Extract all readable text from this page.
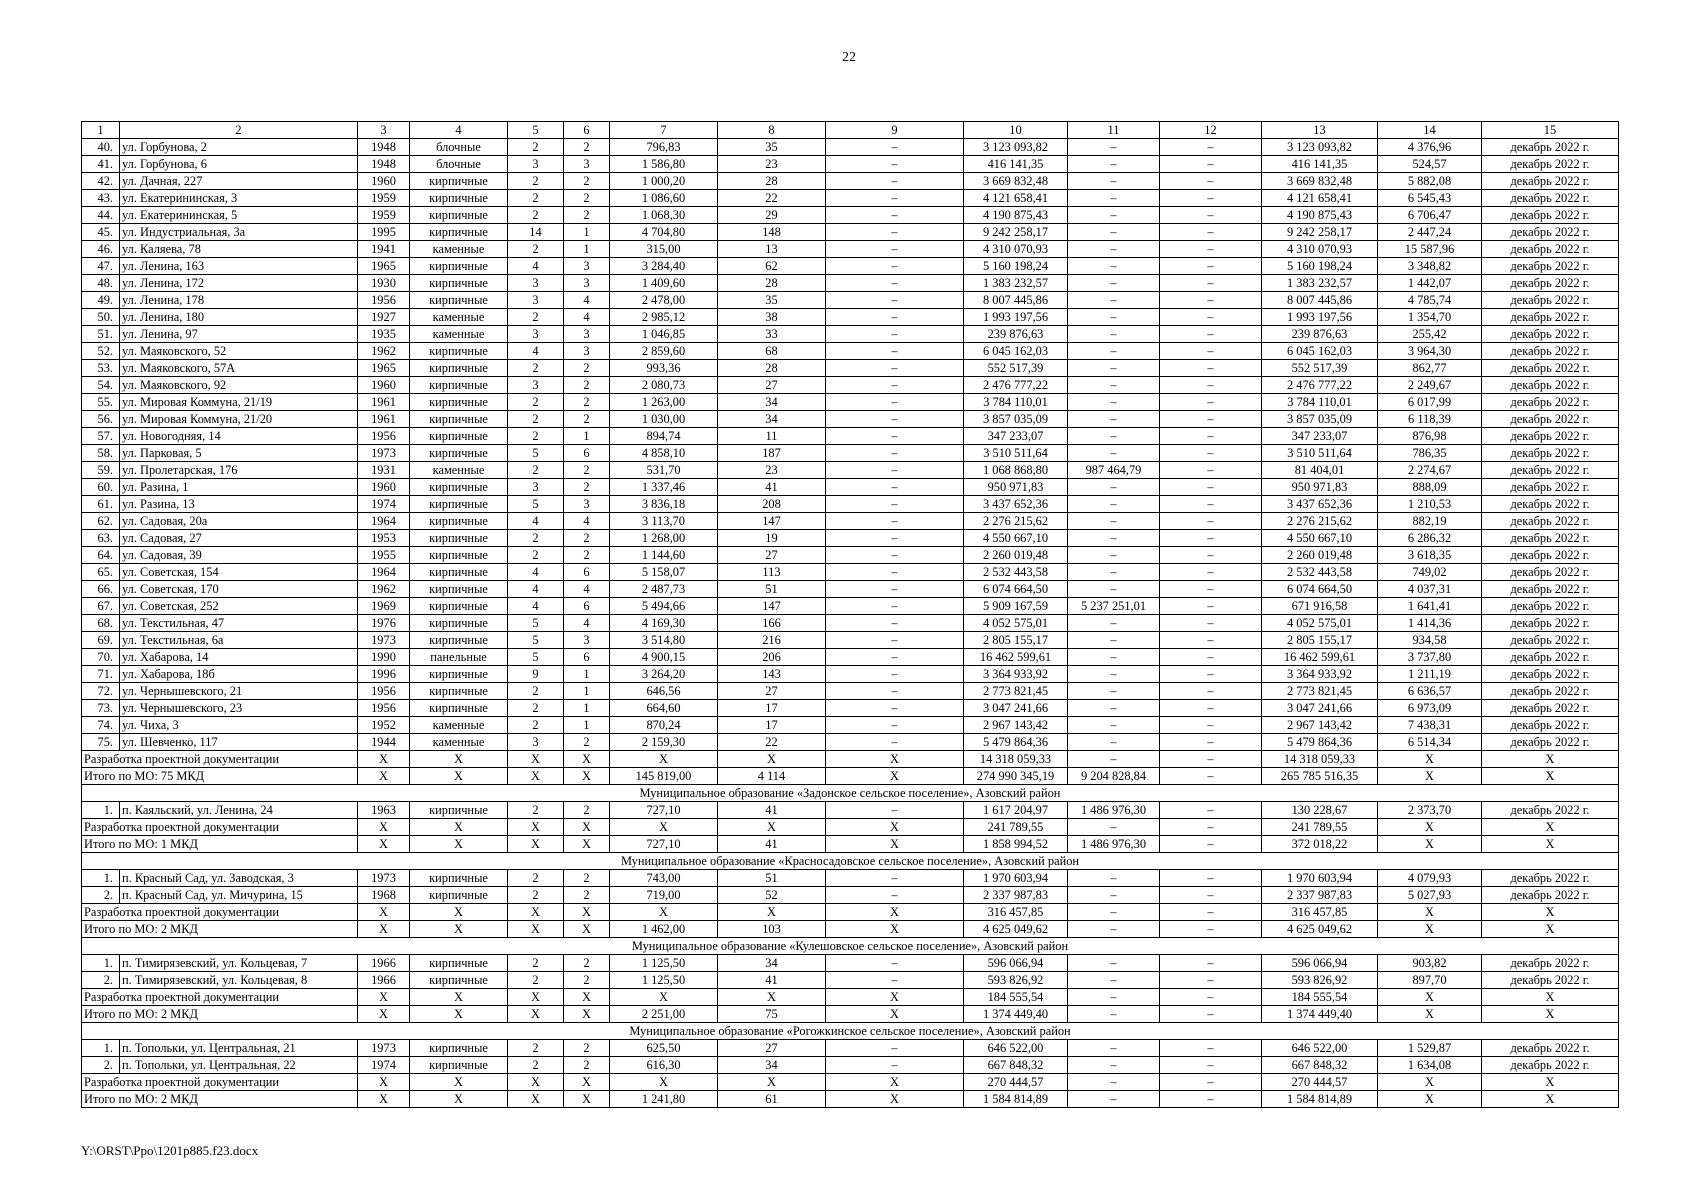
22
1	2	3	4	5	6	7	8	9	10	11	12	13	14	15
40.	ул. Горбунова, 2	1948	блочные	2	2	796,83	35	–	3 123 093,82	–	–	3 123 093,82	4 376,96	декабрь 2022 г.
41.	ул. Горбунова, 6	1948	блочные	3	3	1 586,80	23	–	416 141,35	–	–	416 141,35	524,57	декабрь 2022 г.
42.	ул. Дачная, 227	1960	кирпичные	2	2	1 000,20	28	–	3 669 832,48	–	–	3 669 832,48	5 882,08	декабрь 2022 г.
43.	ул. Екатерининская, 3	1959	кирпичные	2	2	1 086,60	22	–	4 121 658,41	–	–	4 121 658,41	6 545,43	декабрь 2022 г.
44.	ул. Екатерининская, 5	1959	кирпичные	2	2	1 068,30	29	–	4 190 875,43	–	–	4 190 875,43	6 706,47	декабрь 2022 г.
45.	ул. Индустриальная, 3а	1995	кирпичные	14	1	4 704,80	148	–	9 242 258,17	–	–	9 242 258,17	2 447,24	декабрь 2022 г.
46.	ул. Каляева, 78	1941	каменные	2	1	315,00	13	–	4 310 070,93	–	–	4 310 070,93	15 587,96	декабрь 2022 г.
47.	ул. Ленина, 163	1965	кирпичные	4	3	3 284,40	62	–	5 160 198,24	–	–	5 160 198,24	3 348,82	декабрь 2022 г.
48.	ул. Ленина, 172	1930	кирпичные	3	3	1 409,60	28	–	1 383 232,57	–	–	1 383 232,57	1 442,07	декабрь 2022 г.
49.	ул. Ленина, 178	1956	кирпичные	3	4	2 478,00	35	–	8 007 445,86	–	–	8 007 445,86	4 785,74	декабрь 2022 г.
50.	ул. Ленина, 180	1927	каменные	2	4	2 985,12	38	–	1 993 197,56	–	–	1 993 197,56	1 354,70	декабрь 2022 г.
51.	ул. Ленина, 97	1935	каменные	3	3	1 046,85	33	–	239 876,63	–	–	239 876,63	255,42	декабрь 2022 г.
52.	ул. Маяковского, 52	1962	кирпичные	4	3	2 859,60	68	–	6 045 162,03	–	–	6 045 162,03	3 964,30	декабрь 2022 г.
53.	ул. Маяковского, 57А	1965	кирпичные	2	2	993,36	28	–	552 517,39	–	–	552 517,39	862,77	декабрь 2022 г.
54.	ул. Маяковского, 92	1960	кирпичные	3	2	2 080,73	27	–	2 476 777,22	–	–	2 476 777,22	2 249,67	декабрь 2022 г.
55.	ул. Мировая Коммуна, 21/19	1961	кирпичные	2	2	1 263,00	34	–	3 784 110,01	–	–	3 784 110,01	6 017,99	декабрь 2022 г.
56.	ул. Мировая Коммуна, 21/20	1961	кирпичные	2	2	1 030,00	34	–	3 857 035,09	–	–	3 857 035,09	6 118,39	декабрь 2022 г.
57.	ул. Новогодняя, 14	1956	кирпичные	2	1	894,74	11	–	347 233,07	–	–	347 233,07	876,98	декабрь 2022 г.
58.	ул. Парковая, 5	1973	кирпичные	5	6	4 858,10	187	–	3 510 511,64	–	–	3 510 511,64	786,35	декабрь 2022 г.
59.	ул. Пролетарская, 176	1931	каменные	2	2	531,70	23	–	1 068 868,80	987 464,79	–	81 404,01	2 274,67	декабрь 2022 г.
60.	ул. Разина, 1	1960	кирпичные	3	2	1 337,46	41	–	950 971,83	–	–	950 971,83	888,09	декабрь 2022 г.
61.	ул. Разина, 13	1974	кирпичные	5	3	3 836,18	208	–	3 437 652,36	–	–	3 437 652,36	1 210,53	декабрь 2022 г.
62.	ул. Садовая, 20а	1964	кирпичные	4	4	3 113,70	147	–	2 276 215,62	–	–	2 276 215,62	882,19	декабрь 2022 г.
63.	ул. Садовая, 27	1953	кирпичные	2	2	1 268,00	19	–	4 550 667,10	–	–	4 550 667,10	6 286,32	декабрь 2022 г.
64.	ул. Садовая, 39	1955	кирпичные	2	2	1 144,60	27	–	2 260 019,48	–	–	2 260 019,48	3 618,35	декабрь 2022 г.
65.	ул. Советская, 154	1964	кирпичные	4	6	5 158,07	113	–	2 532 443,58	–	–	2 532 443,58	749,02	декабрь 2022 г.
66.	ул. Советская, 170	1962	кирпичные	4	4	2 487,73	51	–	6 074 664,50	–	–	6 074 664,50	4 037,31	декабрь 2022 г.
67.	ул. Советская, 252	1969	кирпичные	4	6	5 494,66	147	–	5 909 167,59	5 237 251,01	–	671 916,58	1 641,41	декабрь 2022 г.
68.	ул. Текстильная, 47	1976	кирпичные	5	4	4 169,30	166	–	4 052 575,01	–	–	4 052 575,01	1 414,36	декабрь 2022 г.
69.	ул. Текстильная, 6а	1973	кирпичные	5	3	3 514,80	216	–	2 805 155,17	–	–	2 805 155,17	934,58	декабрь 2022 г.
70.	ул. Хабарова, 14	1990	панельные	5	6	4 900,15	206	–	16 462 599,61	–	–	16 462 599,61	3 737,80	декабрь 2022 г.
71.	ул. Хабарова, 18б	1996	кирпичные	9	1	3 264,20	143	–	3 364 933,92	–	–	3 364 933,92	1 211,19	декабрь 2022 г.
72.	ул. Чернышевского, 21	1956	кирпичные	2	1	646,56	27	–	2 773 821,45	–	–	2 773 821,45	6 636,57	декабрь 2022 г.
73.	ул. Чернышевского, 23	1956	кирпичные	2	1	664,60	17	–	3 047 241,66	–	–	3 047 241,66	6 973,09	декабрь 2022 г.
74.	ул. Чиха, 3	1952	каменные	2	1	870,24	17	–	2 967 143,42	–	–	2 967 143,42	7 438,31	декабрь 2022 г.
75.	ул. Шевченко, 117	1944	каменные	3	2	2 159,30	22	–	5 479 864,36	–	–	5 479 864,36	6 514,34	декабрь 2022 г.
Разработка проектной документации		X	X	X	X	X	X	X	14 318 059,33	–	–	14 318 059,33	X	X
Итого по МО: 75 МКД		X	X	X	X	145 819,00	4 114	X	274 990 345,19	9 204 828,84	–	265 785 516,35	X	X
Муниципальное образование «Задонское сельское поселение», Азовский район														
1.	п. Каяльский, ул. Ленина, 24	1963	кирпичные	2	2	727,10	41	–	1 617 204,97	1 486 976,30	–	130 228,67	2 373,70	декабрь 2022 г.
Разработка проектной документации		X	X	X	X	X	X	X	241 789,55	–	–	241 789,55	X	X
Итого по МО: 1 МКД		X	X	X	X	727,10	41	X	1 858 994,52	1 486 976,30	–	372 018,22	X	X
Муниципальное образование «Красносадовское сельское поселение», Азовский район														
1.	п. Красный Сад, ул. Заводская, 3	1973	кирпичные	2	2	743,00	51	–	1 970 603,94	–	–	1 970 603,94	4 079,93	декабрь 2022 г.
2.	п. Красный Сад, ул. Мичурина, 15	1968	кирпичные	2	2	719,00	52	–	2 337 987,83	–	–	2 337 987,83	5 027,93	декабрь 2022 г.
Разработка проектной документации		X	X	X	X	X	X	X	316 457,85	–	–	316 457,85	X	X
Итого по МО: 2 МКД		X	X	X	X	1 462,00	103	X	4 625 049,62	–	–	4 625 049,62	X	X
Муниципальное образование «Кулешовское сельское поселение», Азовский район														
1.	п. Тимирязевский, ул. Кольцевая, 7	1966	кирпичные	2	2	1 125,50	34	–	596 066,94	–	–	596 066,94	903,82	декабрь 2022 г.
2.	п. Тимирязевский, ул. Кольцевая, 8	1966	кирпичные	2	2	1 125,50	41	–	593 826,92	–	–	593 826,92	897,70	декабрь 2022 г.
Разработка проектной документации		X	X	X	X	X	X	X	184 555,54	–	–	184 555,54	X	X
Итого по МО: 2 МКД		X	X	X	X	2 251,00	75	X	1 374 449,40	–	–	1 374 449,40	X	X
Муниципальное образование «Рогожкинское сельское поселение», Азовский район														
1.	п. Топольки, ул. Центральная, 21	1973	кирпичные	2	2	625,50	27	–	646 522,00	–	–	646 522,00	1 529,87	декабрь 2022 г.
2.	п. Топольки, ул. Центральная, 22	1974	кирпичные	2	2	616,30	34	–	667 848,32	–	–	667 848,32	1 634,08	декабрь 2022 г.
Разработка проектной документации		X	X	X	X	X	X	X	270 444,57	–	–	270 444,57	X	X
Итого по МО: 2 МКД		X	X	X	X	1 241,80	61	X	1 584 814,89	–	–	1 584 814,89	X	X
Y:\ORST\Ppo\1201p885.f23.docx
